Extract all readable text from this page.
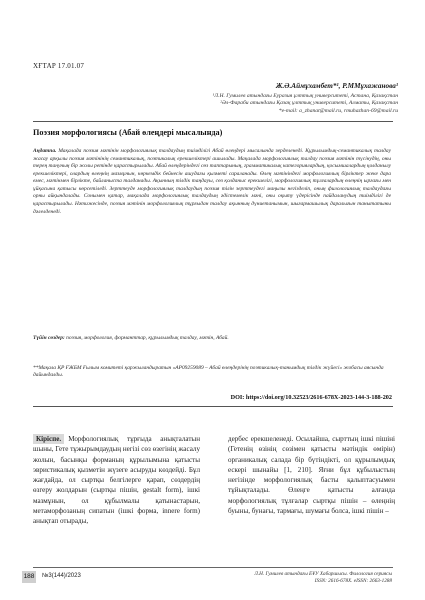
ХҒТАР 17.01.07
Ж.Ә.Аймұхамбет*¹, Р.ММұхажанова¹
¹Л.Н. Гумилев атындағы Еуразия ұлттық университеті, Астана, Қазақстан
²Әл-Фараби атындағы Қазақ ұлттық университеті, Алматы, Қазақстан
*e-mail: a_zhanat@mail.ru, rmuhazhan-69@mail.ru
Поэзия морфологиясы (Абай өлеңдері мысалында)
Аңдатпа. Мақалада поэзия мәтінін морфологиялық талдаудың тиімділігі Абай өлеңдері мысалында зерделенеді. Құрылымдық-семантикалық талдау жасау арқылы поэзия мәтінінің семантикалық, поэтикалық ерекшеліктері ашылады. Мақалада морфологиялық талдау поэзия мәтінін түсінудің, оны терең тануның бір жолы ретінде қарастырылады. Абай өлеңдеріндегі сөз таптарының, грамматикалық категориялардың, қосымшалардың қолданылу ерекшеліктері, олардың өлеңнің мазмұнын, көркемдік бейнесін ашудағы қызметі сараланады. Өлең мәтініндегі морфологиялық бірліктер жеке дара емес, мәтінмен бірлікте, байланыста талданады. Ақынның тілдік таңдауы, сөз қолданыс ерекшелігі, морфологиялық тұлғалардың өлеңнің ырғағы мен ұйқасына қатысы көрсетіледі. Зерттеуде морфологиялық талдаудың поэзия тілін зерттеудегі маңызы негізделіп, оның филологиялық талдаудағы орны айқындалады. Сонымен қатар, мақалада морфологиялық талдаудың әдістемелік мәні, оны оқыту үдерісінде пайдаланудың тиімділігі де қарастырылады. Нәтижесінде, поэзия мәтінін морфологиялық тұрғыдан талдау ақынның дүниетанымын, шығармашылық даралығын танытатыны дәлелденеді.
Түйін сөздер: поэзия, морфология, форманттар, құрылымдық талдау, мәтін, Абай.
**Мақала ҚР ҒЖБМ Ғылым комитеті қаржыландыратын «AP09259089 – Абай өлеңдерінің поэтикалық-танымдық тілдік жүйесі» жобасы аясында дайындалды.
DOI: https://doi.org/10.32523/2616-678X-2023-144-3-188-202
Кіріспе. Морфологиялық тұрғыда анықталатын шыны, Гете тұжырымдаудың негізі сөз өзегінің жасалу жолын, басынқы форманың құрылымына қатысты эвристикалық қызметін жүзеге асыруды көздейді. Бұл жағдайда, ол сыртқы белгілерге қарап, сөздердің өзгеру жолдарын (сыртқы пішін, gestalt form), ішкі мазмұнын, ол құбылмалы қатынастарын, метаморфозаның сипатын (ішкі форма, innere form) анықтап отырады,
дербес ерекшеленеді. Осылайша, сырттың ішкі пішіні (Гетенің өзінің сөзімен қатысты мәтіндік өмірін) органикалық салада бір бүтіндікті, ол құрылымдық ескері шынайы [1, 210]. Яғни бұл құбылыстың негізінде морфологиялық басты қалыптасуымен тұйықталады. Өлеңге қатысты алғанда морфологиялық тұлғалар сыртқы пішін – өлеңнің буыны, бунағы, тармағы, шумағы болса, ішкі пішін –
188 №3(144)/2023	Л.Н. Гумилев атындағы ЕҰУ Хабаршысы. Филология сериясы
ISSN: 2616-678X. eISSN: 2663-1288
